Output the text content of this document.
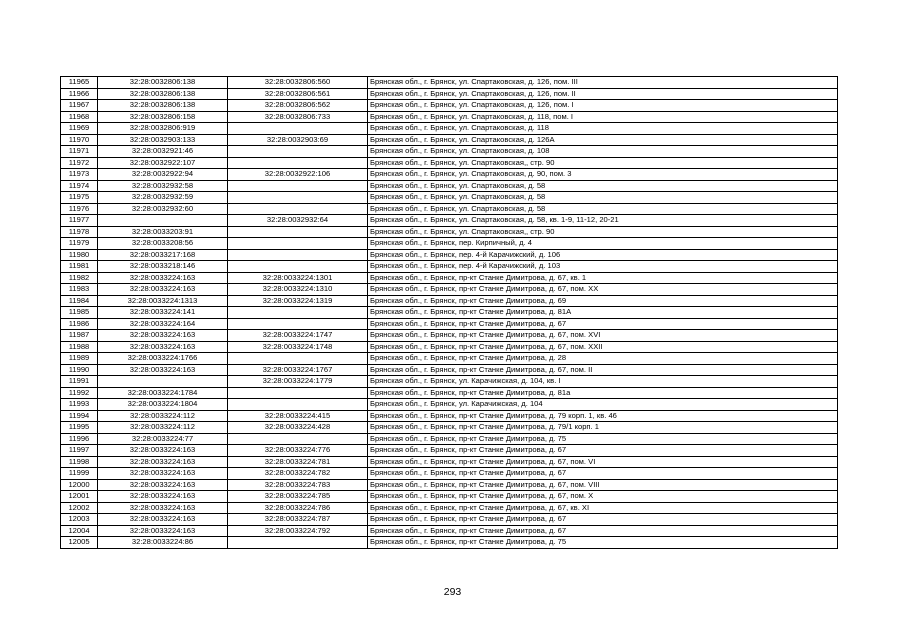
11965	32:28:0032806:138	32:28:0032806:560	Брянская обл., г. Брянск, ул. Спартаковская, д. 126, пом. III
11966	32:28:0032806:138	32:28:0032806:561	Брянская обл., г. Брянск, ул. Спартаковская, д. 126, пом. II
11967	32:28:0032806:138	32:28:0032806:562	Брянская обл., г. Брянск, ул. Спартаковская, д. 126, пом. I
11968	32:28:0032806:158	32:28:0032806:733	Брянская обл., г. Брянск, ул. Спартаковская, д. 118, пом. I
11969	32:28:0032806:919		Брянская обл., г. Брянск, ул. Спартаковская, д. 118
11970	32:28:0032903:133	32:28:0032903:69	Брянская обл., г. Брянск, ул. Спартаковская, д. 126А
11971	32:28:0032921:46		Брянская обл., г. Брянск, ул. Спартаковская, д. 108
11972	32:28:0032922:107		Брянская обл., г. Брянск, ул. Спартаковская,, стр. 90
11973	32:28:0032922:94	32:28:0032922:106	Брянская обл., г. Брянск, ул. Спартаковская, д. 90, пом. 3
11974	32:28:0032932:58		Брянская обл., г. Брянск, ул. Спартаковская, д. 58
11975	32:28:0032932:59		Брянская обл., г. Брянск, ул. Спартаковская, д. 58
11976	32:28:0032932:60		Брянская обл., г. Брянск, ул. Спартаковская, д. 58
11977		32:28:0032932:64	Брянская обл., г. Брянск, ул. Спартаковская, д. 58, кв. 1-9, 11-12, 20-21
11978	32:28:0033203:91		Брянская обл., г. Брянск, ул. Спартаковская,, стр. 90
11979	32:28:0033208:56		Брянская обл., г. Брянск, пер. Кирпичный, д. 4
11980	32:28:0033217:168		Брянская обл., г. Брянск, пер. 4-й Карачижский, д. 106
11981	32:28:0033218:146		Брянская обл., г. Брянск, пер. 4-й Карачижский, д. 103
11982	32:28:0033224:163	32:28:0033224:1301	Брянская обл., г. Брянск, пр-кт Станке Димитрова, д. 67, кв. 1
11983	32:28:0033224:163	32:28:0033224:1310	Брянская обл., г. Брянск, пр-кт Станке Димитрова, д. 67, пом. XX
11984	32:28:0033224:1313	32:28:0033224:1319	Брянская обл., г. Брянск, пр-кт Станке Димитрова, д. 69
11985	32:28:0033224:141		Брянская обл., г. Брянск, пр-кт Станке Димитрова, д. 81А
11986	32:28:0033224:164		Брянская обл., г. Брянск, пр-кт Станке Димитрова, д. 67
11987	32:28:0033224:163	32:28:0033224:1747	Брянская обл., г. Брянск, пр-кт Станке Димитрова, д. 67, пом. XVI
11988	32:28:0033224:163	32:28:0033224:1748	Брянская обл., г. Брянск, пр-кт Станке Димитрова, д. 67, пом. XXII
11989	32:28:0033224:1766		Брянская обл., г. Брянск, пр-кт Станке Димитрова, д. 28
11990	32:28:0033224:163	32:28:0033224:1767	Брянская обл., г. Брянск, пр-кт Станке Димитрова, д. 67, пом. II
11991		32:28:0033224:1779	Брянская обл., г. Брянск, ул. Карачижская, д. 104, кв. I
11992	32:28:0033224:1784		Брянская обл., г. Брянск, пр-кт Станке Димитрова, д. 81а
11993	32:28:0033224:1804		Брянская обл., г. Брянск, ул. Карачижская, д. 104
11994	32:28:0033224:112	32:28:0033224:415	Брянская обл., г. Брянск, пр-кт Станке Димитрова, д. 79 корп. 1, кв. 46
11995	32:28:0033224:112	32:28:0033224:428	Брянская обл., г. Брянск, пр-кт Станке Димитрова, д. 79/1 корп. 1
11996	32:28:0033224:77		Брянская обл., г. Брянск, пр-кт Станке Димитрова, д. 75
11997	32:28:0033224:163	32:28:0033224:776	Брянская обл., г. Брянск, пр-кт Станке Димитрова, д. 67
11998	32:28:0033224:163	32:28:0033224:781	Брянская обл., г. Брянск, пр-кт Станке Димитрова, д. 67, пом. VI
11999	32:28:0033224:163	32:28:0033224:782	Брянская обл., г. Брянск, пр-кт Станке Димитрова, д. 67
12000	32:28:0033224:163	32:28:0033224:783	Брянская обл., г. Брянск, пр-кт Станке Димитрова, д. 67, пом. VIII
12001	32:28:0033224:163	32:28:0033224:785	Брянская обл., г. Брянск, пр-кт Станке Димитрова, д. 67, пом. X
12002	32:28:0033224:163	32:28:0033224:786	Брянская обл., г. Брянск, пр-кт Станке Димитрова, д. 67, кв. XI
12003	32:28:0033224:163	32:28:0033224:787	Брянская обл., г. Брянск, пр-кт Станке Димитрова, д. 67
12004	32:28:0033224:163	32:28:0033224:792	Брянская обл., г. Брянск, пр-кт Станке Димитрова, д. 67
12005	32:28:0033224:86		Брянская обл., г. Брянск, пр-кт Станке Димитрова, д. 75
293
